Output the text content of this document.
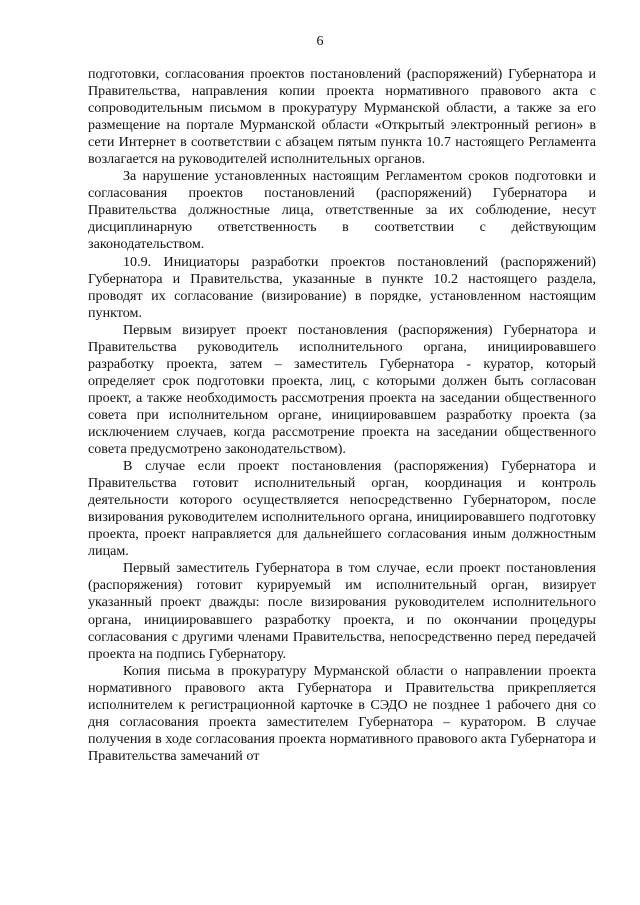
6

подготовки, согласования проектов постановлений (распоряжений) Губернатора и Правительства, направления копии проекта нормативного правового акта с сопроводительным письмом в прокуратуру Мурманской области, а также за его размещение на портале Мурманской области «Открытый электронный регион» в сети Интернет в соответствии с абзацем пятым пункта 10.7 настоящего Регламента возлагается на руководителей исполнительных органов.

За нарушение установленных настоящим Регламентом сроков подготовки и согласования проектов постановлений (распоряжений) Губернатора и Правительства должностные лица, ответственные за их соблюдение, несут дисциплинарную ответственность в соответствии с действующим законодательством.

10.9. Инициаторы разработки проектов постановлений (распоряжений) Губернатора и Правительства, указанные в пункте 10.2 настоящего раздела, проводят их согласование (визирование) в порядке, установленном настоящим пунктом.

Первым визирует проект постановления (распоряжения) Губернатора и Правительства руководитель исполнительного органа, инициировавшего разработку проекта, затем – заместитель Губернатора - куратор, который определяет срок подготовки проекта, лиц, с которыми должен быть согласован проект, а также необходимость рассмотрения проекта на заседании общественного совета при исполнительном органе, инициировавшем разработку проекта (за исключением случаев, когда рассмотрение проекта на заседании общественного совета предусмотрено законодательством).

В случае если проект постановления (распоряжения) Губернатора и Правительства готовит исполнительный орган, координация и контроль деятельности которого осуществляется непосредственно Губернатором, после визирования руководителем исполнительного органа, инициировавшего подготовку проекта, проект направляется для дальнейшего согласования иным должностным лицам.

Первый заместитель Губернатора в том случае, если проект постановления (распоряжения) готовит курируемый им исполнительный орган, визирует указанный проект дважды: после визирования руководителем исполнительного органа, инициировавшего разработку проекта, и по окончании процедуры согласования с другими членами Правительства, непосредственно перед передачей проекта на подпись Губернатору.

Копия письма в прокуратуру Мурманской области о направлении проекта нормативного правового акта Губернатора и Правительства прикрепляется исполнителем к регистрационной карточке в СЭДО не позднее 1 рабочего дня со дня согласования проекта заместителем Губернатора – куратором. В случае получения в ходе согласования проекта нормативного правового акта Губернатора и Правительства замечаний от
